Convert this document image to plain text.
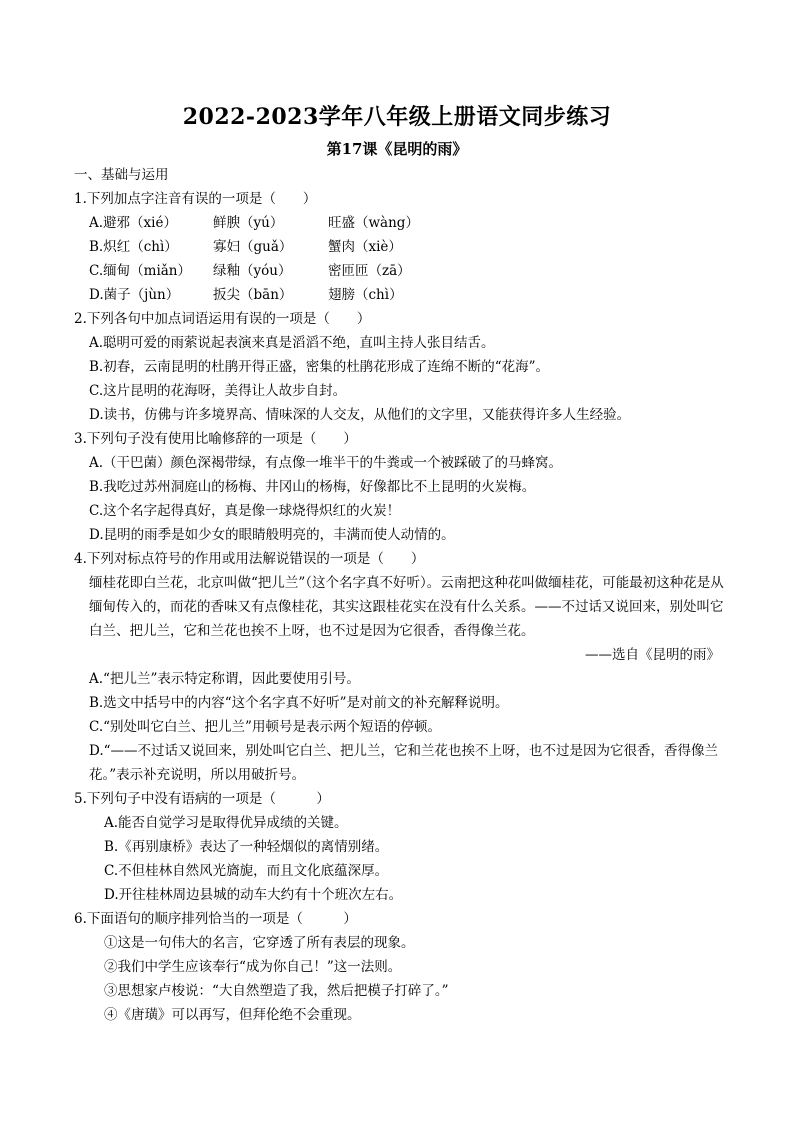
2022-2023学年八年级上册语文同步练习
第17课《昆明的雨》
一、基础与运用
1.下列加点字注音有误的一项是（　　）
A.避邪（xié）	鲜腴（yú）	旺盛（wàng）
B.炽红（chì）	寡妇（guǎ）	蟹肉（xiè）
C.缅甸（miǎn） 绿釉（yóu）	密匝匝（zā）
D.菌子（jùn）	扳尖（bān）	翅膀（chì）
2.下列各句中加点词语运用有误的一项是（　　）
A.聪明可爱的雨萦说起表演来真是滔滔不绝，直叫主持人张目结舌。
B.初春，云南昆明的杜鹃开得正盛，密集的杜鹃花形成了连绵不断的“花海”。
C.这片昆明的花海呀，美得让人故步自封。
D.读书，仿佛与许多境界高、情味深的人交友，从他们的文字里，又能获得许多人生经验。
3.下列句子没有使用比喻修辞的一项是（　　）
A.（干巴菌）颜色深褐带绿，有点像一堆半干的牛粪或一个被踩破了的马蜂窝。
B.我吃过苏州洞庭山的杨梅、井冈山的杨梅，好像都比不上昆明的火炭梅。
C.这个名字起得真好，真是像一球烧得炽红的火炭！
D.昆明的雨季是如少女的眼睛般明亮的，丰满而使人动情的。
4.下列对标点符号的作用或用法解说错误的一项是（　　）
缅桂花即白兰花，北京叫做“把儿兰”（这个名字真不好听）。云南把这种花叫做缅桂花，可能最初这种花是从缅甸传入的，而花的香味又有点像桂花，其实这跟桂花实在没有什么关系。——不过话又说回来，别处叫它白兰、把儿兰，它和兰花也挨不上呀，也不过是因为它很香，香得像兰花。
——选自《昆明的雨》
A.“把儿兰”表示特定称谓，因此要使用引号。
B.选文中括号中的内容“这个名字真不好听”是对前文的补充解释说明。
C.“别处叫它白兰、把儿兰”用顿号是表示两个短语的停顿。
D.“——不过话又说回来，别处叫它白兰、把儿兰，它和兰花也挨不上呀，也不过是因为它很香，香得像兰花。”表示补充说明，所以用破折号。
5.下列句子中没有语病的一项是（　　　）
A.能否自觉学习是取得优异成绩的关键。
B.《再别康桥》表达了一种轻烟似的离情别绪。
C.不但桂林自然风光旖旎，而且文化底蕴深厚。
D.开往桂林周边县城的动车大约有十个班次左右。
6.下面语句的顺序排列恰当的一项是（　　　）
①这是一句伟大的名言，它穿透了所有表层的现象。
②我们中学生应该奉行“成为你自己！”这一法则。
③思想家卢梭说：“大自然塑造了我，然后把模子打碎了。”
④《唐璜》可以再写，但拜伦绝不会重现。
